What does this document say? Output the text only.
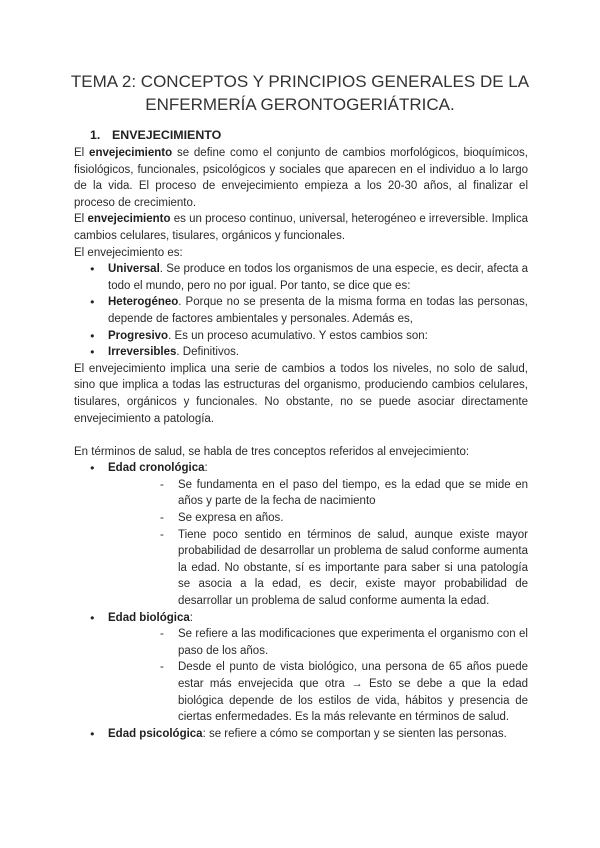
TEMA 2: CONCEPTOS Y PRINCIPIOS GENERALES DE LA ENFERMERÍA GERONTOGERIÁTRICA.
1. ENVEJECIMIENTO

El envejecimiento se define como el conjunto de cambios morfológicos, bioquímicos, fisiológicos, funcionales, psicológicos y sociales que aparecen en el individuo a lo largo de la vida. El proceso de envejecimiento empieza a los 20-30 años, al finalizar el proceso de crecimiento.

El envejecimiento es un proceso continuo, universal, heterogéneo e irreversible. Implica cambios celulares, tisulares, orgánicos y funcionales.

El envejecimiento es:

● Universal. Se produce en todos los organismos de una especie, es decir, afecta a todo el mundo, pero no por igual. Por tanto, se dice que es:
● Heterogéneo. Porque no se presenta de la misma forma en todas las personas, depende de factores ambientales y personales. Además es,
● Progresivo. Es un proceso acumulativo. Y estos cambios son:
● Irreversibles. Definitivos.

El envejecimiento implica una serie de cambios a todos los niveles, no solo de salud, sino que implica a todas las estructuras del organismo, produciendo cambios celulares, tisulares, orgánicos y funcionales. No obstante, no se puede asociar directamente envejecimiento a patología.

En términos de salud, se habla de tres conceptos referidos al envejecimiento:

● Edad cronológica:
- Se fundamenta en el paso del tiempo, es la edad que se mide en años y parte de la fecha de nacimiento
- Se expresa en años.
- Tiene poco sentido en términos de salud, aunque existe mayor probabilidad de desarrollar un problema de salud conforme aumenta la edad. No obstante, sí es importante para saber si una patología se asocia a la edad, es decir, existe mayor probabilidad de desarrollar un problema de salud conforme aumenta la edad.
● Edad biológica:
- Se refiere a las modificaciones que experimenta el organismo con el paso de los años.
- Desde el punto de vista biológico, una persona de 65 años puede estar más envejecida que otra → Esto se debe a que la edad biológica depende de los estilos de vida, hábitos y presencia de ciertas enfermedades. Es la más relevante en términos de salud.
● Edad psicológica: se refiere a cómo se comportan y se sienten las personas.
